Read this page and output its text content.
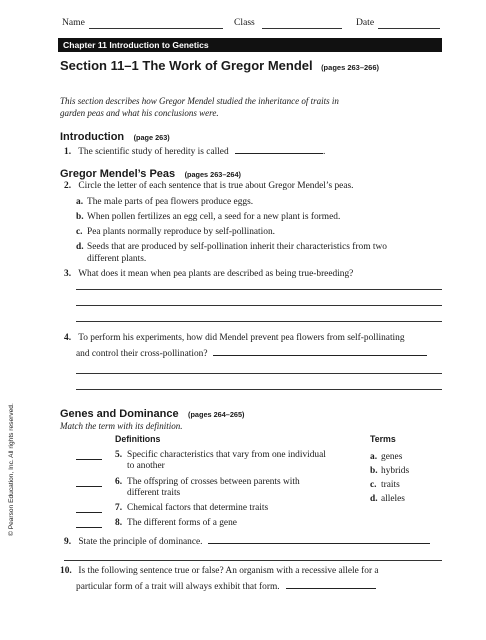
Name	Class	Date
Chapter 11 Introduction to Genetics
Section 11–1 The Work of Gregor Mendel (pages 263–266)
This section describes how Gregor Mendel studied the inheritance of traits in
garden peas and what his conclusions were.
Introduction (page 263)
1. The scientific study of heredity is called	.
Gregor Mendel’s Peas (pages 263–264)
2. Circle the letter of each sentence that is true about Gregor Mendel’s peas.
a. The male parts of pea flowers produce eggs.
b. When pollen fertilizes an egg cell, a seed for a new plant is formed.
c. Pea plants normally reproduce by self-pollination.
d. Seeds that are produced by self-pollination inherit their characteristics from two
different plants.
3. What does it mean when pea plants are described as being true-breeding?
4. To perform his experiments, how did Mendel prevent pea flowers from self-pollinating
and control their cross-pollination?
Genes and Dominance (pages 264–265)
Match the term with its definition.
Definitions	Terms
5. Specific characteristics that vary from one individual
to another
6. The offspring of crosses between parents with
different traits
7. Chemical factors that determine traits
8. The different forms of a gene
a. genes
b. hybrids
c. traits
d. alleles
9. State the principle of dominance.
10. Is the following sentence true or false? An organism with a recessive allele for a
particular form of a trait will always exhibit that form.
© Pearson Education, Inc. All rights reserved.
